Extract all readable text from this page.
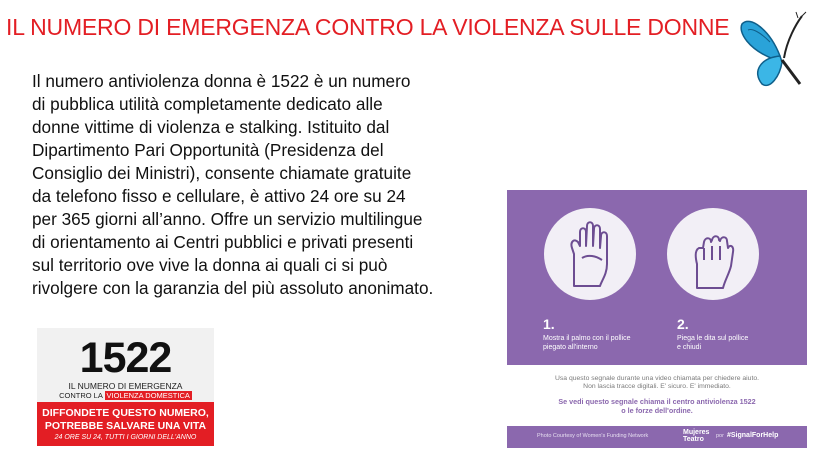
IL NUMERO DI EMERGENZA CONTRO LA VIOLENZA SULLE DONNE
Il numero antiviolenza donna è 1522 è un numero
di pubblica utilità completamente dedicato alle
donne vittime di violenza e stalking. Istituito dal
Dipartimento Pari Opportunità (Presidenza del
Consiglio dei Ministri), consente chiamate gratuite
da telefono fisso e cellulare, è attivo 24 ore su 24
per 365 giorni all’anno. Offre un servizio multilingue
di orientamento ai Centri pubblici e privati presenti
sul territorio ove vive la donna ai quali ci si può
rivolgere con la garanzia del più assoluto anonimato.
1522
IL NUMERO DI EMERGENZA
CONTRO LA VIOLENZA DOMESTICA
DIFFONDETE QUESTO NUMERO,
POTREBBE SALVARE UNA VITA
24 ORE SU 24, TUTTI I GIORNI DELL'ANNO
1.
Mostra il palmo con il pollice
piegato all'interno
2.
Piega le dita sul pollice
e chiudi
Usa questo segnale durante una video chiamata per chiedere aiuto.
Non lascia tracce digitali. E' sicuro. E' immediato.
Se vedi questo segnale chiama il centro antiviolenza 1522
o le forze dell'ordine.
Photo Courtesy of Women's Funding Network	Mujeres
Teatro	por #SignalForHelp
